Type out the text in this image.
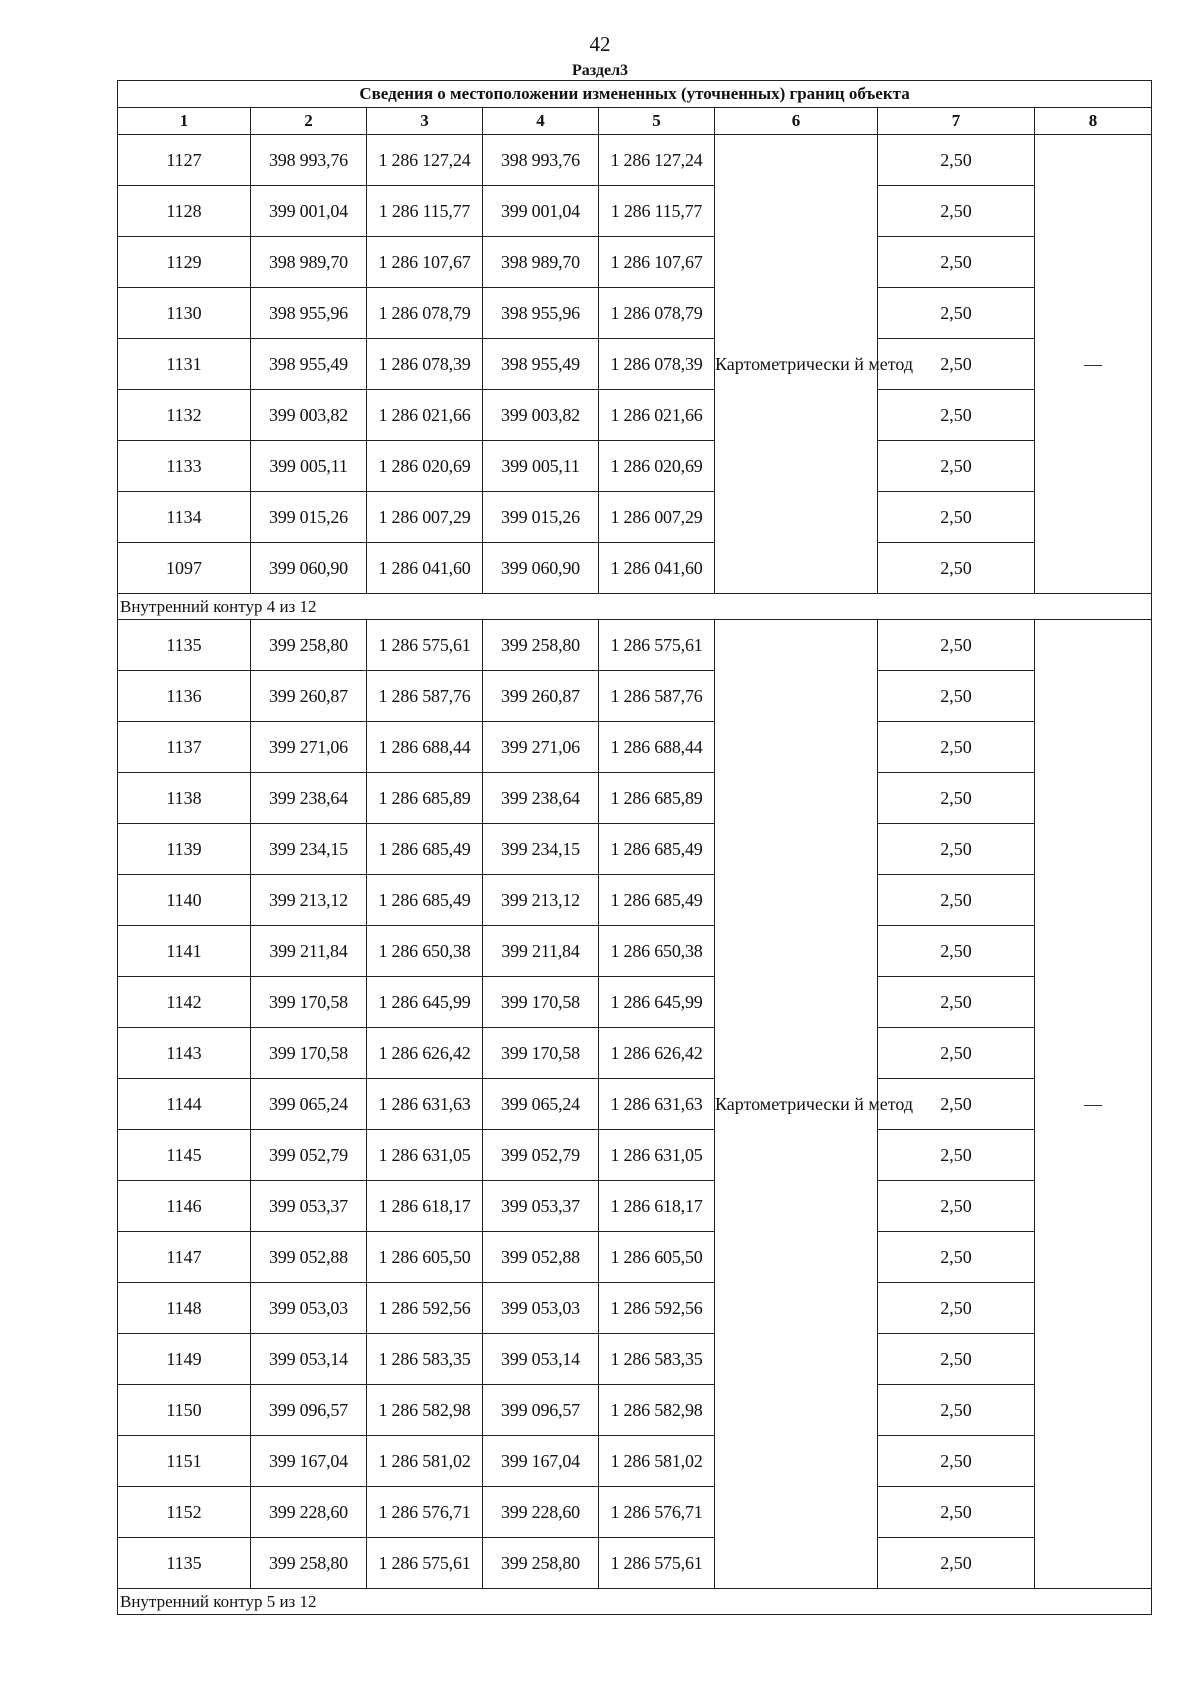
42
Раздел3
Сведения о местоположении измененных (уточненных) границ объекта							
1	2	3	4	5	6	7	8
1127	398 993,76	1 286 127,24	398 993,76	1 286 127,24	Картометрически й метод	2,50	—
1128	399 001,04	1 286 115,77	399 001,04	1 286 115,77		2,50	
1129	398 989,70	1 286 107,67	398 989,70	1 286 107,67		2,50	
1130	398 955,96	1 286 078,79	398 955,96	1 286 078,79		2,50	
1131	398 955,49	1 286 078,39	398 955,49	1 286 078,39		2,50	
1132	399 003,82	1 286 021,66	399 003,82	1 286 021,66		2,50	
1133	399 005,11	1 286 020,69	399 005,11	1 286 020,69		2,50	
1134	399 015,26	1 286 007,29	399 015,26	1 286 007,29		2,50	
1097	399 060,90	1 286 041,60	399 060,90	1 286 041,60		2,50	
Внутренний контур 4 из 12							
1135	399 258,80	1 286 575,61	399 258,80	1 286 575,61	Картометрически й метод	2,50	—
1136	399 260,87	1 286 587,76	399 260,87	1 286 587,76		2,50	
1137	399 271,06	1 286 688,44	399 271,06	1 286 688,44		2,50	
1138	399 238,64	1 286 685,89	399 238,64	1 286 685,89		2,50	
1139	399 234,15	1 286 685,49	399 234,15	1 286 685,49		2,50	
1140	399 213,12	1 286 685,49	399 213,12	1 286 685,49		2,50	
1141	399 211,84	1 286 650,38	399 211,84	1 286 650,38		2,50	
1142	399 170,58	1 286 645,99	399 170,58	1 286 645,99		2,50	
1143	399 170,58	1 286 626,42	399 170,58	1 286 626,42		2,50	
1144	399 065,24	1 286 631,63	399 065,24	1 286 631,63		2,50	
1145	399 052,79	1 286 631,05	399 052,79	1 286 631,05		2,50	
1146	399 053,37	1 286 618,17	399 053,37	1 286 618,17		2,50	
1147	399 052,88	1 286 605,50	399 052,88	1 286 605,50		2,50	
1148	399 053,03	1 286 592,56	399 053,03	1 286 592,56		2,50	
1149	399 053,14	1 286 583,35	399 053,14	1 286 583,35		2,50	
1150	399 096,57	1 286 582,98	399 096,57	1 286 582,98		2,50	
1151	399 167,04	1 286 581,02	399 167,04	1 286 581,02		2,50	
1152	399 228,60	1 286 576,71	399 228,60	1 286 576,71		2,50	
1135	399 258,80	1 286 575,61	399 258,80	1 286 575,61		2,50	
Внутренний контур 5 из 12							
